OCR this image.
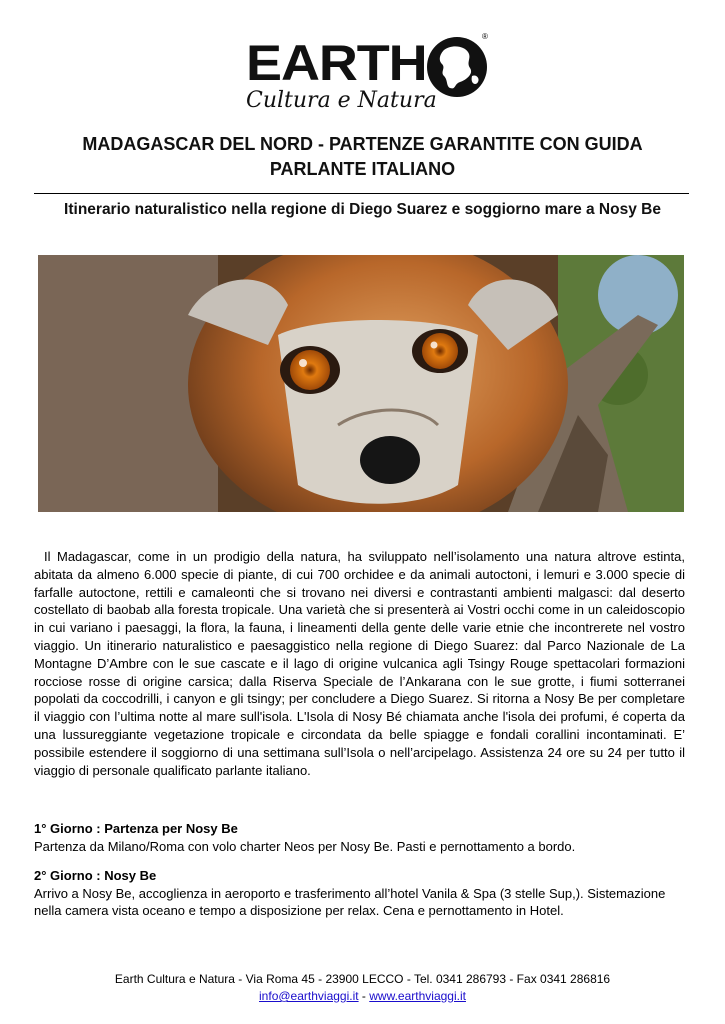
EARTH	®
Cultura e Natura
MADAGASCAR DEL NORD - PARTENZE GARANTITE CON GUIDA PARLANTE ITALIANO
Itinerario naturalistico nella regione di Diego Suarez e soggiorno mare a Nosy Be

Il Madagascar, come in un prodigio della natura, ha sviluppato nell’isolamento una natura altrove estinta, abitata da almeno 6.000 specie di piante, di cui 700 orchidee e da animali autoctoni, i lemuri e 3.000 specie di farfalle autoctone, rettili e camaleonti che si trovano nei diversi e contrastanti ambienti malgasci: dal deserto costellato di baobab alla foresta tropicale. Una varietà che si presenterà ai Vostri occhi come in un caleidoscopio in cui variano i paesaggi, la flora, la fauna, i lineamenti della gente delle varie etnie che incontrerete nel vostro viaggio. Un itinerario naturalistico e paesaggistico nella regione di Diego Suarez: dal Parco Nazionale de La Montagne D’Ambre con le sue cascate e il lago di origine vulcanica agli Tsingy Rouge spettacolari formazioni rocciose rosse di origine carsica; dalla Riserva Speciale de l’Ankarana con le sue grotte, i fiumi sotterranei popolati da coccodrilli, i canyon e gli tsingy; per concludere a Diego Suarez. Si ritorna a Nosy Be per completare il viaggio con l’ultima notte al mare sull'isola. L'Isola di Nosy Bé chiamata anche l'isola dei profumi, é coperta da una lussureggiante vegetazione tropicale e circondata da belle spiagge e fondali corallini incontaminati. E’ possibile estendere il soggiorno di una settimana sull’Isola o nell’arcipelago. Assistenza 24 ore su 24 per tutto il viaggio di personale qualificato parlante italiano.

1° Giorno : Partenza per Nosy Be

Partenza da Milano/Roma con volo charter Neos per Nosy Be. Pasti e pernottamento a bordo.

2° Giorno : Nosy Be

Arrivo a Nosy Be, accoglienza in aeroporto e trasferimento all’hotel Vanila & Spa (3 stelle Sup,). Sistemazione nella camera vista oceano e tempo a disposizione per relax. Cena e pernottamento in Hotel.

Earth Cultura e Natura - Via Roma 45 - 23900 LECCO - Tel. 0341 286793 - Fax 0341 286816
info@earthviaggi.it - www.earthviaggi.it
